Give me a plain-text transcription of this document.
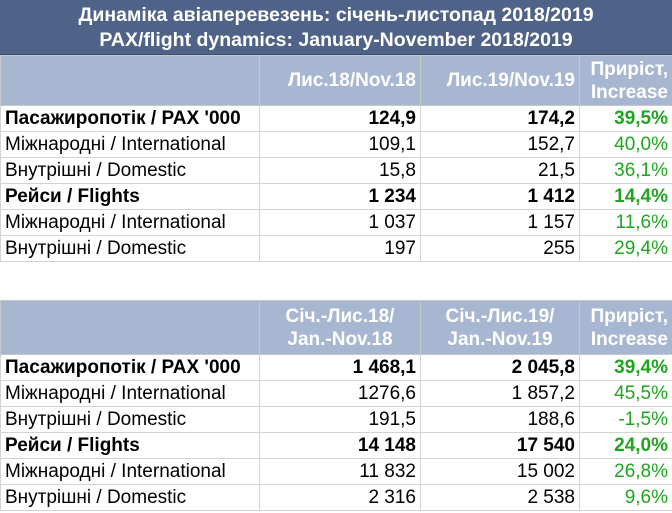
Динаміка авіаперевезень: січень-листопад 2018/2019
PAX/flight dynamics: January-November 2018/2019
	Лис.18/Nov.18	Лис.19/Nov.19	Приріст,
Increase
Пасажиропотік / PAX '000	124,9	174,2	39,5%
Міжнародні / International	109,1	152,7	40,0%
Внутрішні / Domestic	15,8	21,5	36,1%
Рейси / Flights	1 234	1 412	14,4%
Міжнародні / International	1 037	1 157	11,6%
Внутрішні / Domestic	197	255	29,4%
	Січ.-Лис.18/
Jan.-Nov.18	Січ.-Лис.19/
Jan.-Nov.19	Приріст,
Increase
Пасажиропотік / PAX '000	1 468,1	2 045,8	39,4%
Міжнародні / International	1276,6	1 857,2	45,5%
Внутрішні / Domestic	191,5	188,6	-1,5%
Рейси / Flights	14 148	17 540	24,0%
Міжнародні / International	11 832	15 002	26,8%
Внутрішні / Domestic	2 316	2 538	9,6%
